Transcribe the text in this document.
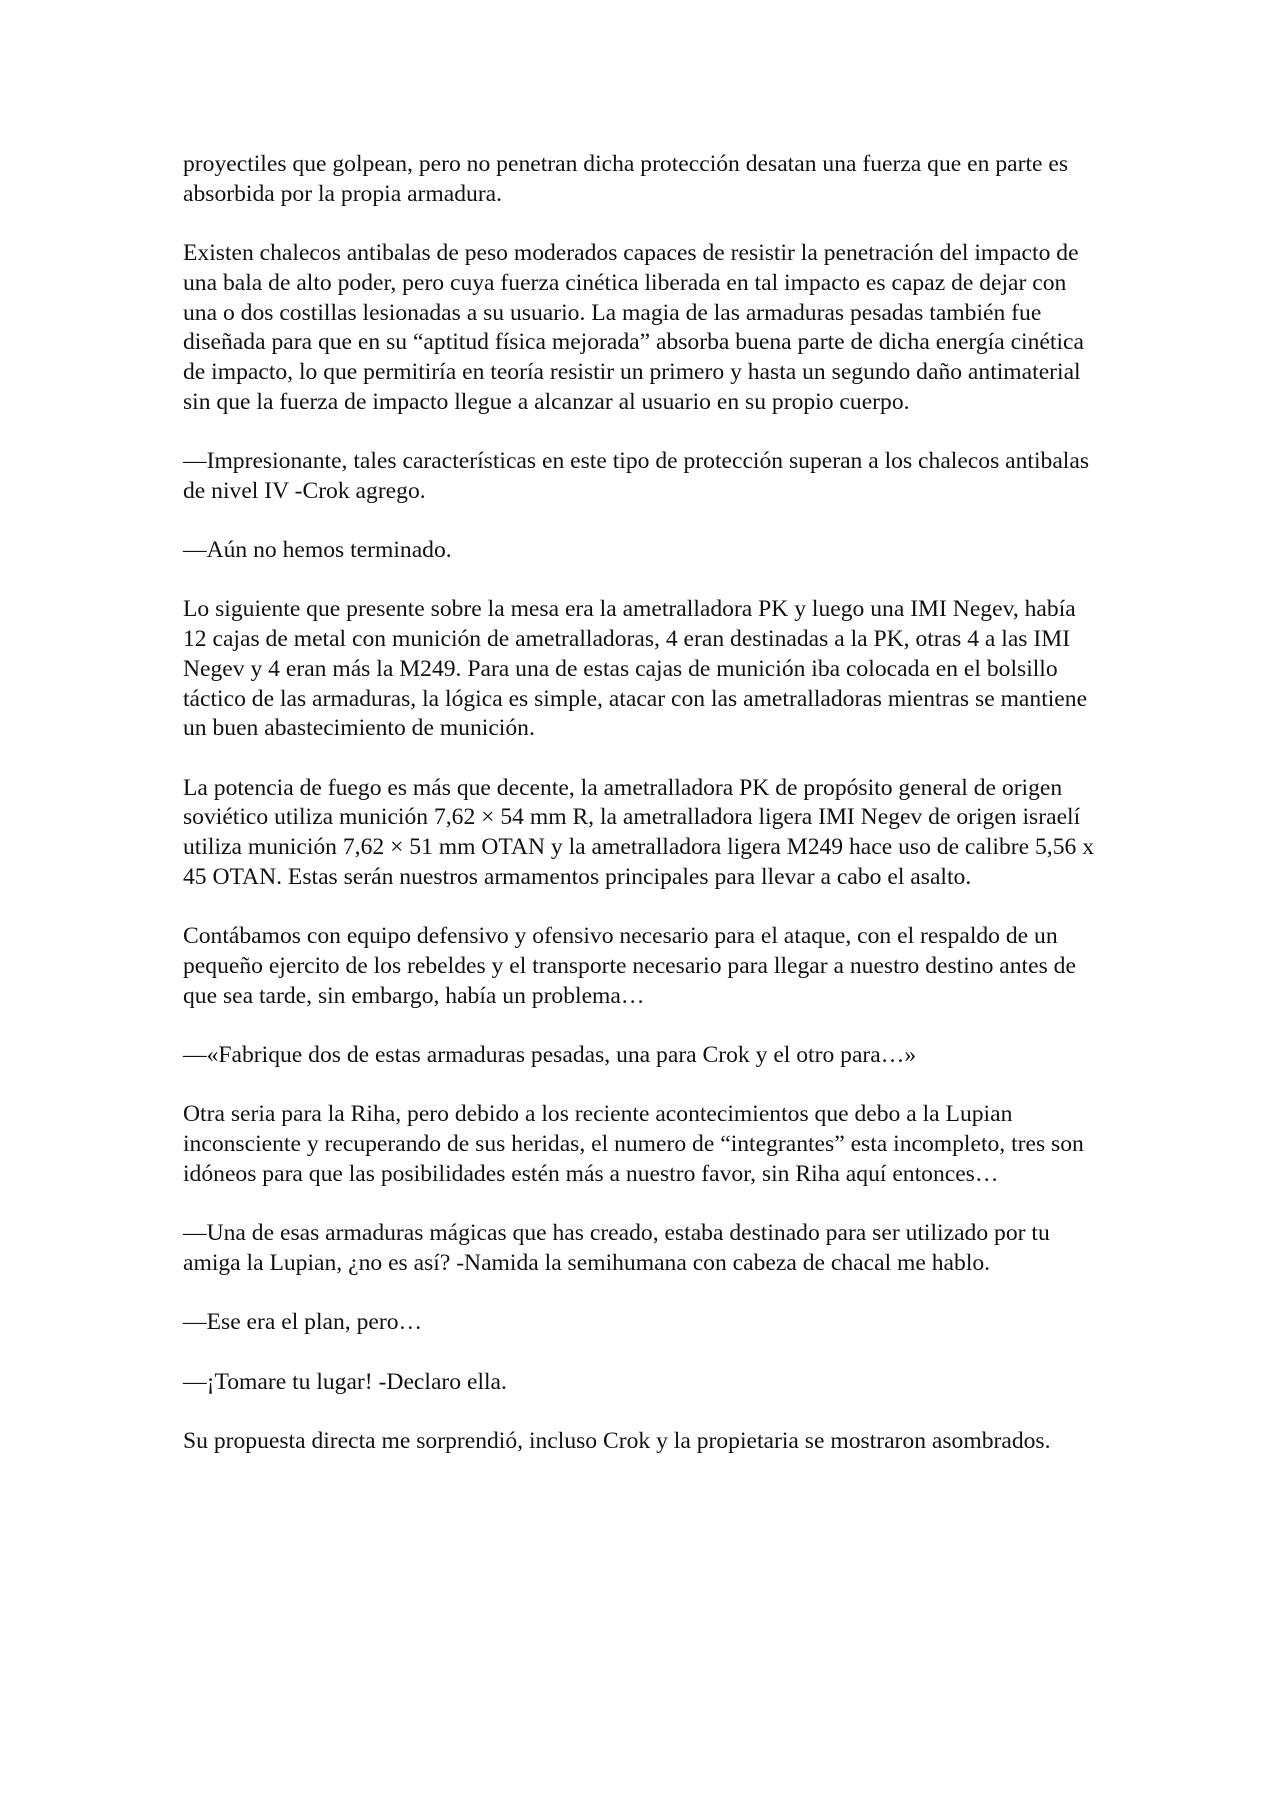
proyectiles que golpean, pero no penetran dicha protección desatan una fuerza que en parte es absorbida por la propia armadura.

Existen chalecos antibalas de peso moderados capaces de resistir la penetración del impacto de una bala de alto poder, pero cuya fuerza cinética liberada en tal impacto es capaz de dejar con una o dos costillas lesionadas a su usuario. La magia de las armaduras pesadas también fue diseñada para que en su “aptitud física mejorada” absorba buena parte de dicha energía cinética de impacto, lo que permitiría en teoría resistir un primero y hasta un segundo daño antimaterial sin que la fuerza de impacto llegue a alcanzar al usuario en su propio cuerpo.

—Impresionante, tales características en este tipo de protección superan a los chalecos antibalas de nivel IV -Crok agrego.

—Aún no hemos terminado.

Lo siguiente que presente sobre la mesa era la ametralladora PK y luego una IMI Negev, había 12 cajas de metal con munición de ametralladoras, 4 eran destinadas a la PK, otras 4 a las IMI Negev y 4 eran más la M249. Para una de estas cajas de munición iba colocada en el bolsillo táctico de las armaduras, la lógica es simple, atacar con las ametralladoras mientras se mantiene un buen abastecimiento de munición.

La potencia de fuego es más que decente, la ametralladora PK de propósito general de origen soviético utiliza munición 7,62 × 54 mm R, la ametralladora ligera IMI Negev de origen israelí utiliza munición 7,62 × 51 mm OTAN y la ametralladora ligera M249 hace uso de calibre 5,56 x 45 OTAN. Estas serán nuestros armamentos principales para llevar a cabo el asalto.

Contábamos con equipo defensivo y ofensivo necesario para el ataque, con el respaldo de un pequeño ejercito de los rebeldes y el transporte necesario para llegar a nuestro destino antes de que sea tarde, sin embargo, había un problema…

—«Fabrique dos de estas armaduras pesadas, una para Crok y el otro para…»

Otra seria para la Riha, pero debido a los reciente acontecimientos que debo a la Lupian inconsciente y recuperando de sus heridas, el numero de “integrantes” esta incompleto, tres son idóneos para que las posibilidades estén más a nuestro favor, sin Riha aquí entonces…

—Una de esas armaduras mágicas que has creado, estaba destinado para ser utilizado por tu amiga la Lupian, ¿no es así? -Namida la semihumana con cabeza de chacal me hablo.

—Ese era el plan, pero…

—¡Tomare tu lugar! -Declaro ella.

Su propuesta directa me sorprendió, incluso Crok y la propietaria se mostraron asombrados.
